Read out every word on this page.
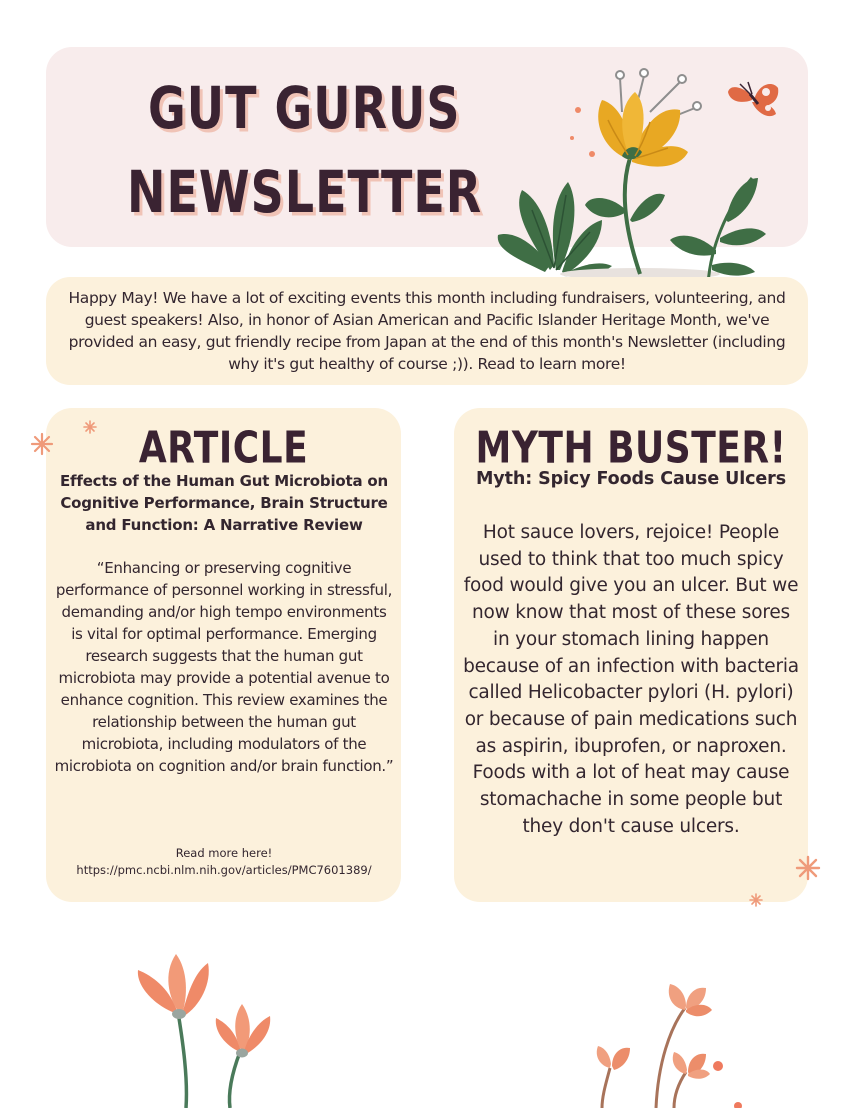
GUT GURUS
NEWSLETTER
Happy May! We have a lot of exciting events this month including fundraisers, volunteering, and guest speakers! Also, in honor of Asian American and Pacific Islander Heritage Month, we've provided an easy, gut friendly recipe from Japan at the end of this month's Newsletter (including why it's gut healthy of course ;)). Read to learn more!
ARTICLE
Effects of the Human Gut Microbiota on Cognitive Performance, Brain Structure and Function: A Narrative Review
“Enhancing or preserving cognitive performance of personnel working in stressful, demanding and/or high tempo environments is vital for optimal performance. Emerging research suggests that the human gut microbiota may provide a potential avenue to enhance cognition. This review examines the relationship between the human gut microbiota, including modulators of the microbiota on cognition and/or brain function.”
Read more here!
https://pmc.ncbi.nlm.nih.gov/articles/PMC7601389/
MYTH BUSTER!
Myth: Spicy Foods Cause Ulcers
Hot sauce lovers, rejoice! People used to think that too much spicy food would give you an ulcer. But we now know that most of these sores in your stomach lining happen because of an infection with bacteria called Helicobacter pylori (H. pylori) or because of pain medications such as aspirin, ibuprofen, or naproxen. Foods with a lot of heat may cause stomachache in some people but they don't cause ulcers.
